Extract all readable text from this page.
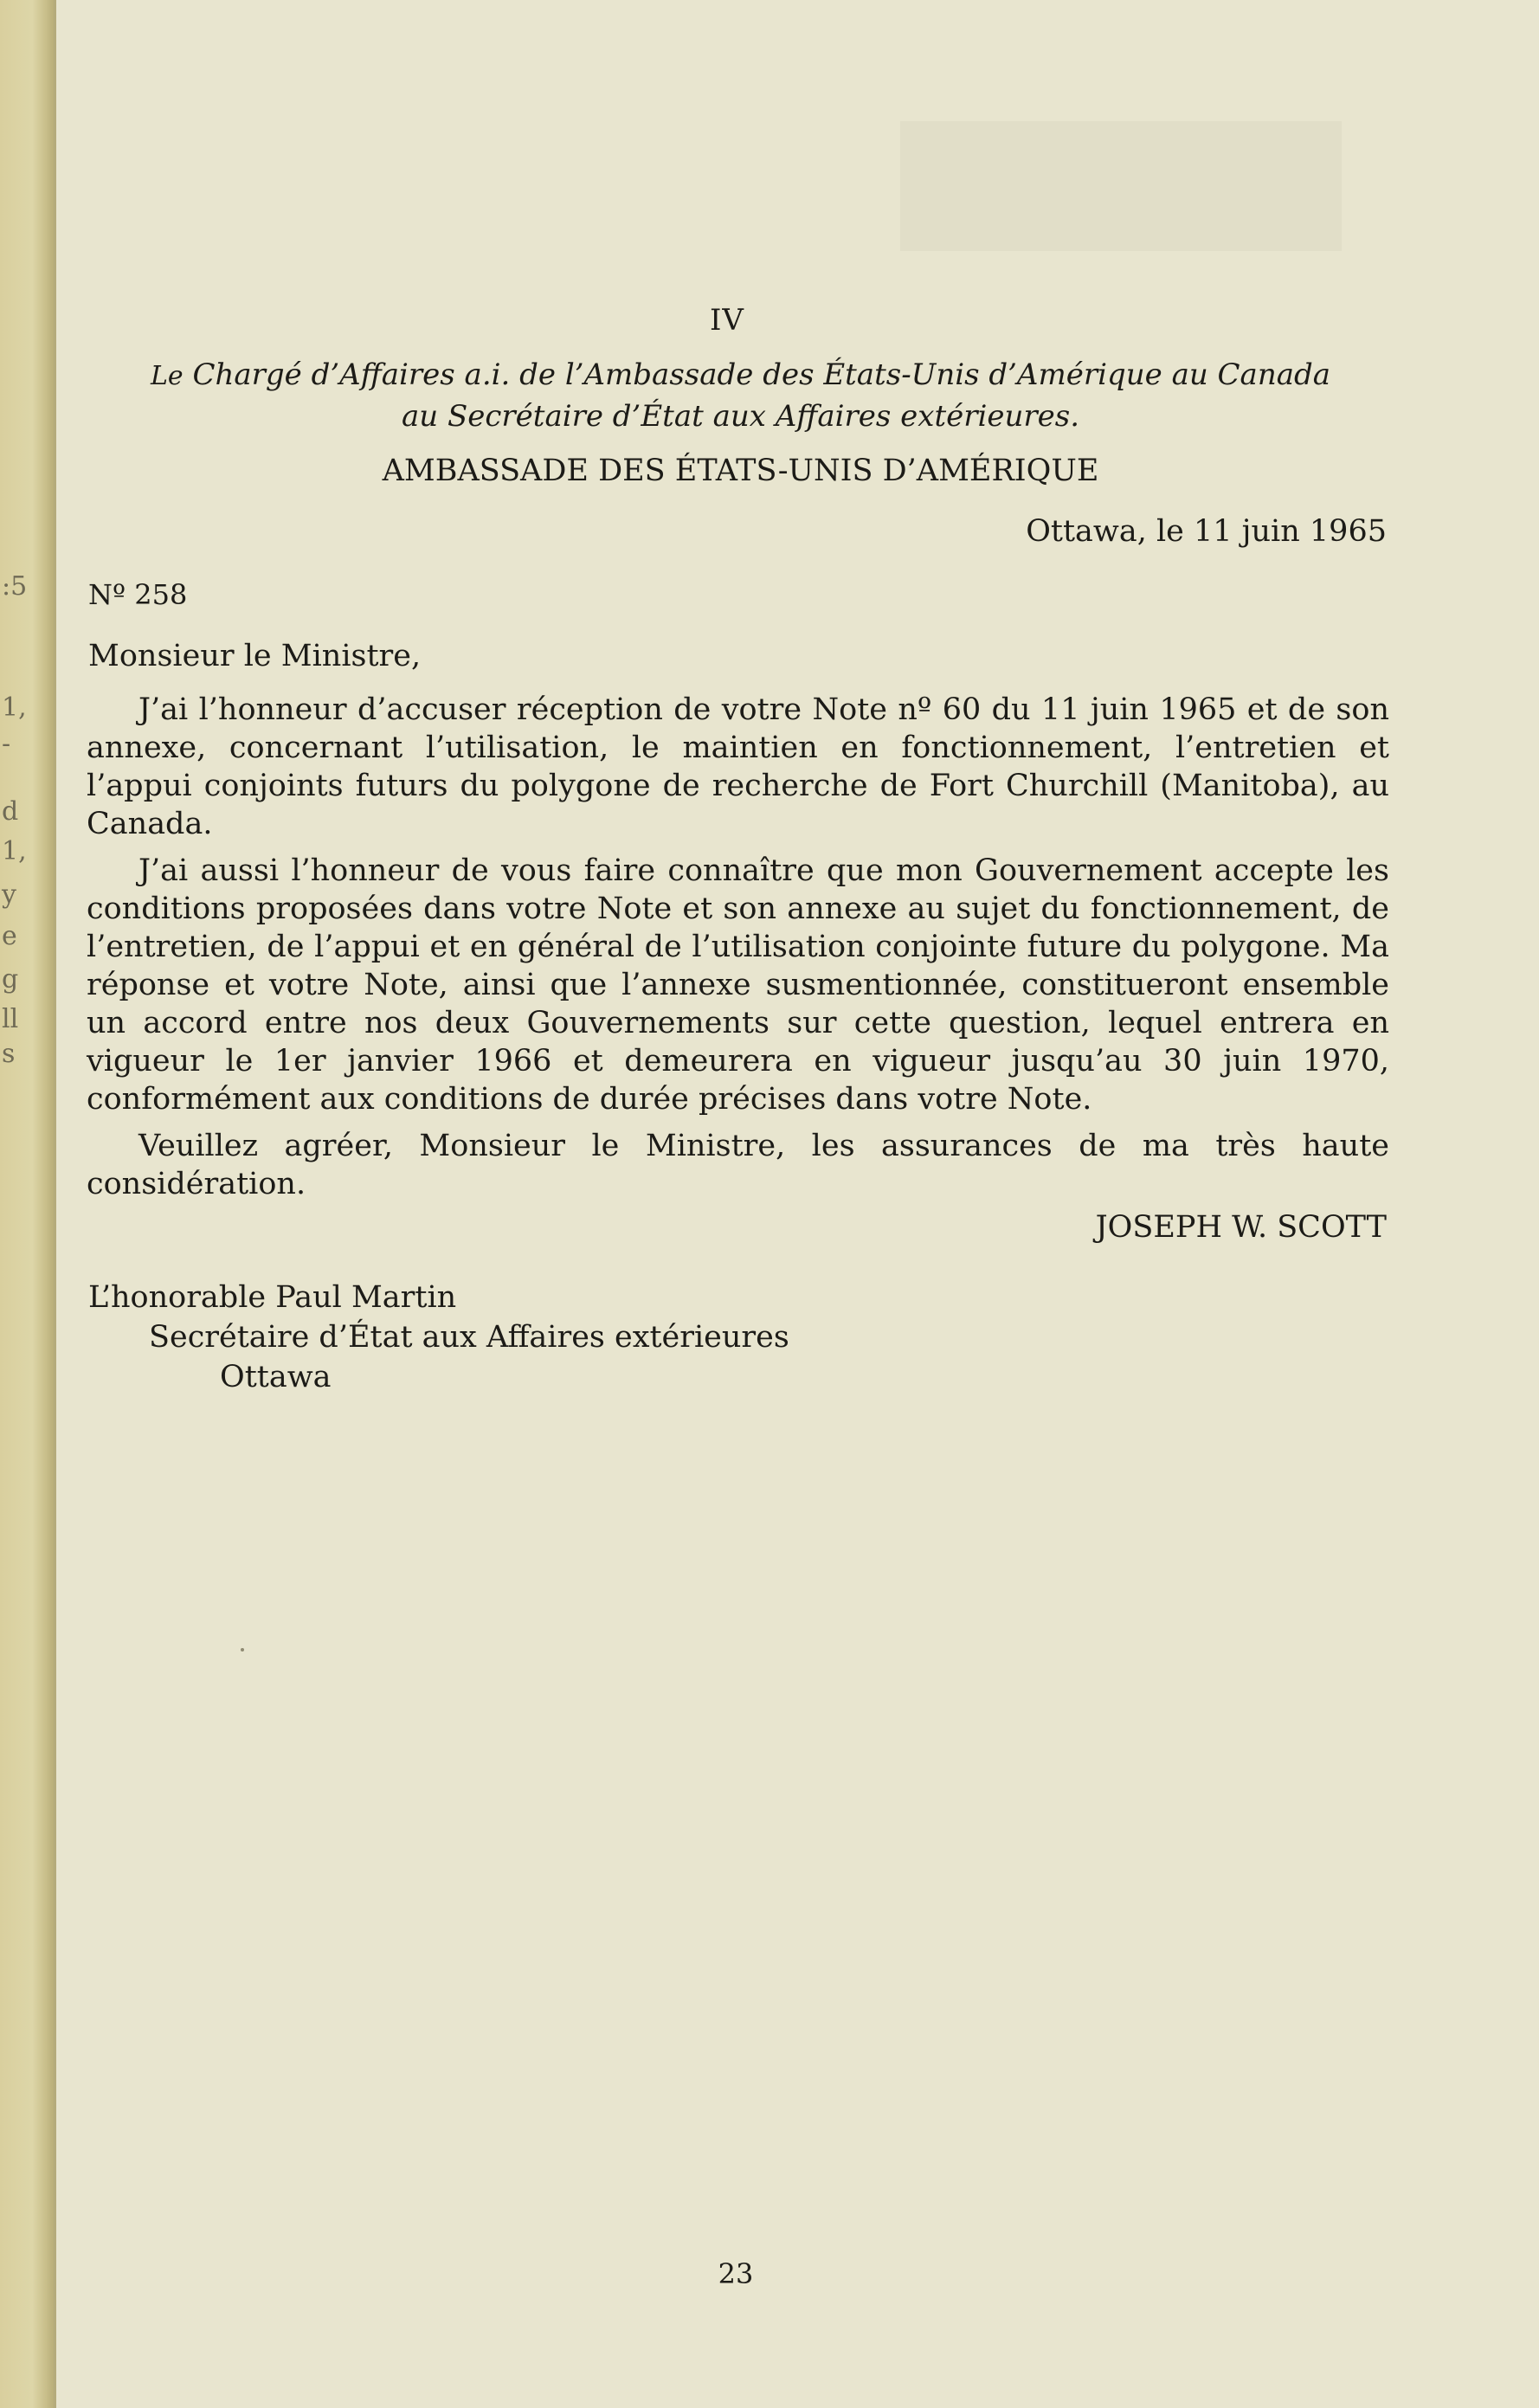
:5
1,
-
d
1,
y
e
g
ll
s
IV
Le Chargé d’Affaires a.i. de l’Ambassade des États-Unis d’Amérique au Canada
au Secrétaire d’État aux Affaires extérieures.
AMBASSADE DES ÉTATS-UNIS D’AMÉRIQUE
Ottawa, le 11 juin 1965
Nº 258
Monsieur le Ministre,

J’ai l’honneur d’accuser réception de votre Note nº 60 du 11 juin 1965 et de son annexe, concernant l’utilisation, le maintien en fonctionnement, l’entretien et l’appui conjoints futurs du polygone de recherche de Fort Churchill (Manitoba), au Canada.

J’ai aussi l’honneur de vous faire connaître que mon Gouvernement accepte les conditions proposées dans votre Note et son annexe au sujet du fonctionnement, de l’entretien, de l’appui et en général de l’utilisation conjointe future du polygone. Ma réponse et votre Note, ainsi que l’annexe susmentionnée, constitueront ensemble un accord entre nos deux Gouvernements sur cette question, lequel entrera en vigueur le 1er janvier 1966 et demeurera en vigueur jusqu’au 30 juin 1970, conformément aux conditions de durée précises dans votre Note.

Veuillez agréer, Monsieur le Ministre, les assurances de ma très haute considération.

JOSEPH W. SCOTT
L’honorable Paul Martin
Secrétaire d’État aux Affaires extérieures
Ottawa
23
